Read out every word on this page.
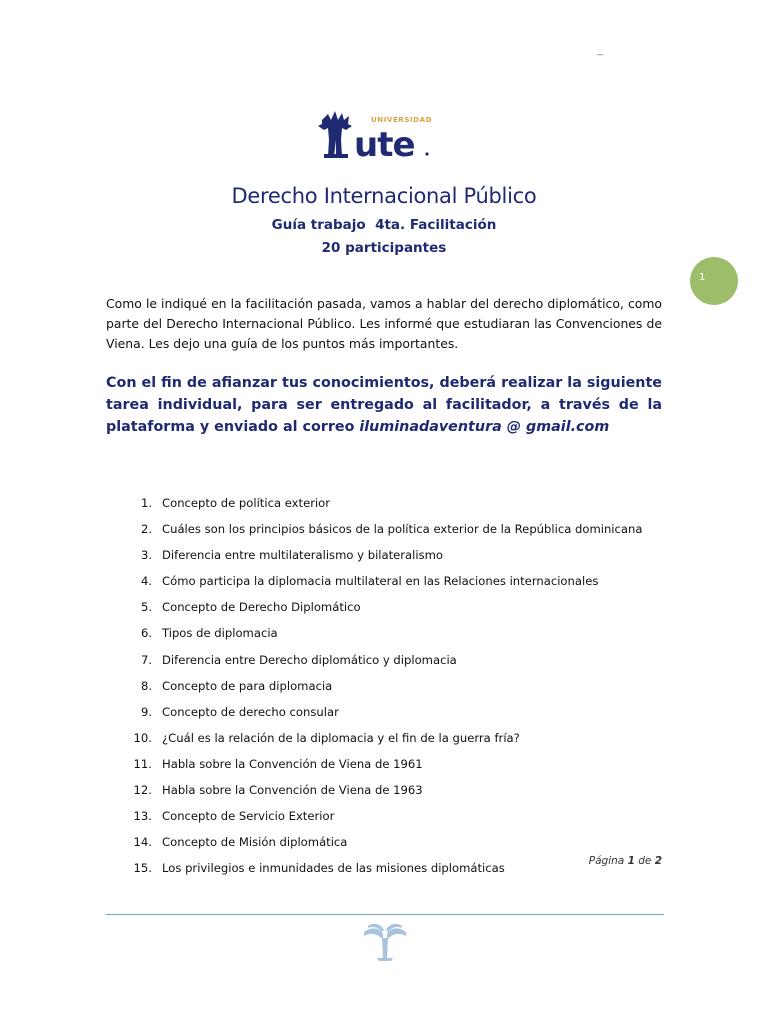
_
UNIVERSIDAD
ute
Derecho Internacional Público
Guía trabajo  4ta. Facilitación
20 participantes
1

Como le indiqué en la facilitación pasada, vamos a hablar del derecho diplomático, como parte del Derecho Internacional Público. Les informé que estudiaran las Convenciones de Viena. Les dejo una guía de los puntos más importantes.

Con el fin de afianzar tus conocimientos, deberá realizar la siguiente tarea individual, para ser entregado al facilitador, a través de la plataforma y enviado al correo iluminadaventura @ gmail.com

1. Concepto de política exterior
2. Cuáles son los principios básicos de la política exterior de la República dominicana
3. Diferencia entre multilateralismo y bilateralismo
4. Cómo participa la diplomacia multilateral en las Relaciones internacionales
5. Concepto de Derecho Diplomático
6. Tipos de diplomacia
7. Diferencia entre Derecho diplomático y diplomacia
8. Concepto de para diplomacia
9. Concepto de derecho consular
10. ¿Cuál es la relación de la diplomacia y el fin de la guerra fría?
11. Habla sobre la Convención de Viena de 1961
12. Habla sobre la Convención de Viena de 1963
13. Concepto de Servicio Exterior
14. Concepto de Misión diplomática
15. Los privilegios e inmunidades de las misiones diplomáticas
Página 1 de 2
